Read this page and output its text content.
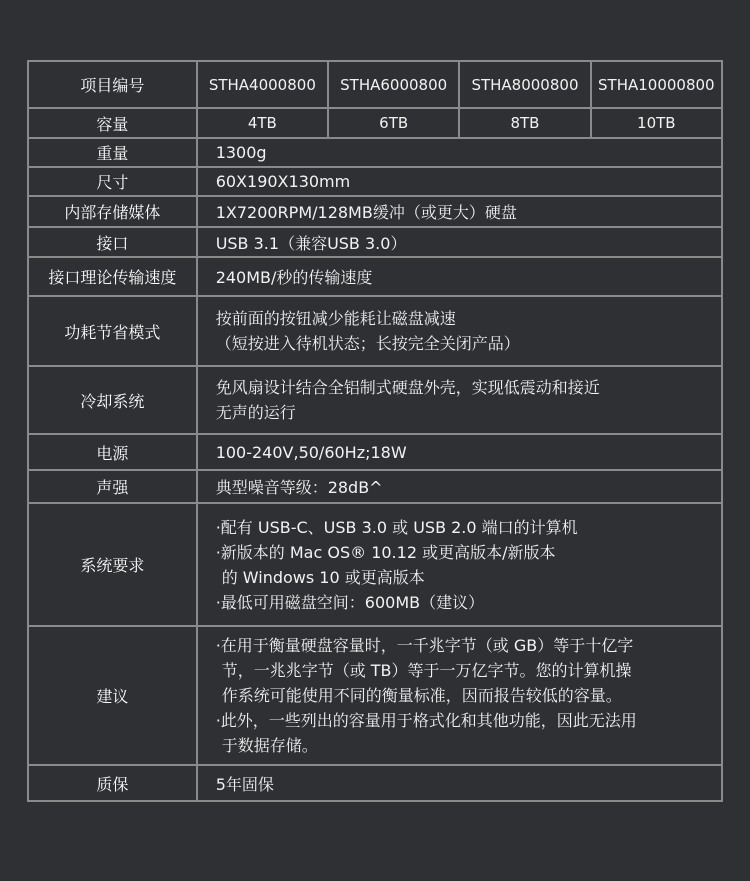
项目编号	STHA4000800	STHA6000800	STHA8000800	STHA10000800
容量	4TB	6TB	8TB	10TB
重量	1300g			
尺寸	60X190X130mm			
内部存储媒体	1X7200RPM/128MB缓冲（或更大）硬盘			
接口	USB 3.1（兼容USB 3.0）			
接口理论传输速度	240MB/秒的传输速度			
功耗节省模式	按前面的按钮减少能耗让磁盘减速
（短按进入待机状态；长按完全关闭产品）			

冷却系统	免风扇设计结合全铝制式硬盘外壳，实现低震动和接近
无声的运行			

电源	100-240V,50/60Hz;18W			
声强	典型噪音等级：28dB^			
系统要求	·配有 USB-C、USB 3.0 或 USB 2.0 端口的计算机
·新版本的 Mac OS® 10.12 或更高版本/新版本
的 Windows 10 或更高版本
·最低可用磁盘空间：600MB（建议）			

建议	·在用于衡量硬盘容量时，一千兆字节（或 GB）等于十亿字
节，一兆兆字节（或 TB）等于一万亿字节。您的计算机操
作系统可能使用不同的衡量标准，因而报告较低的容量。
·此外，一些列出的容量用于格式化和其他功能，因此无法用
于数据存储。			

质保	5年固保			
